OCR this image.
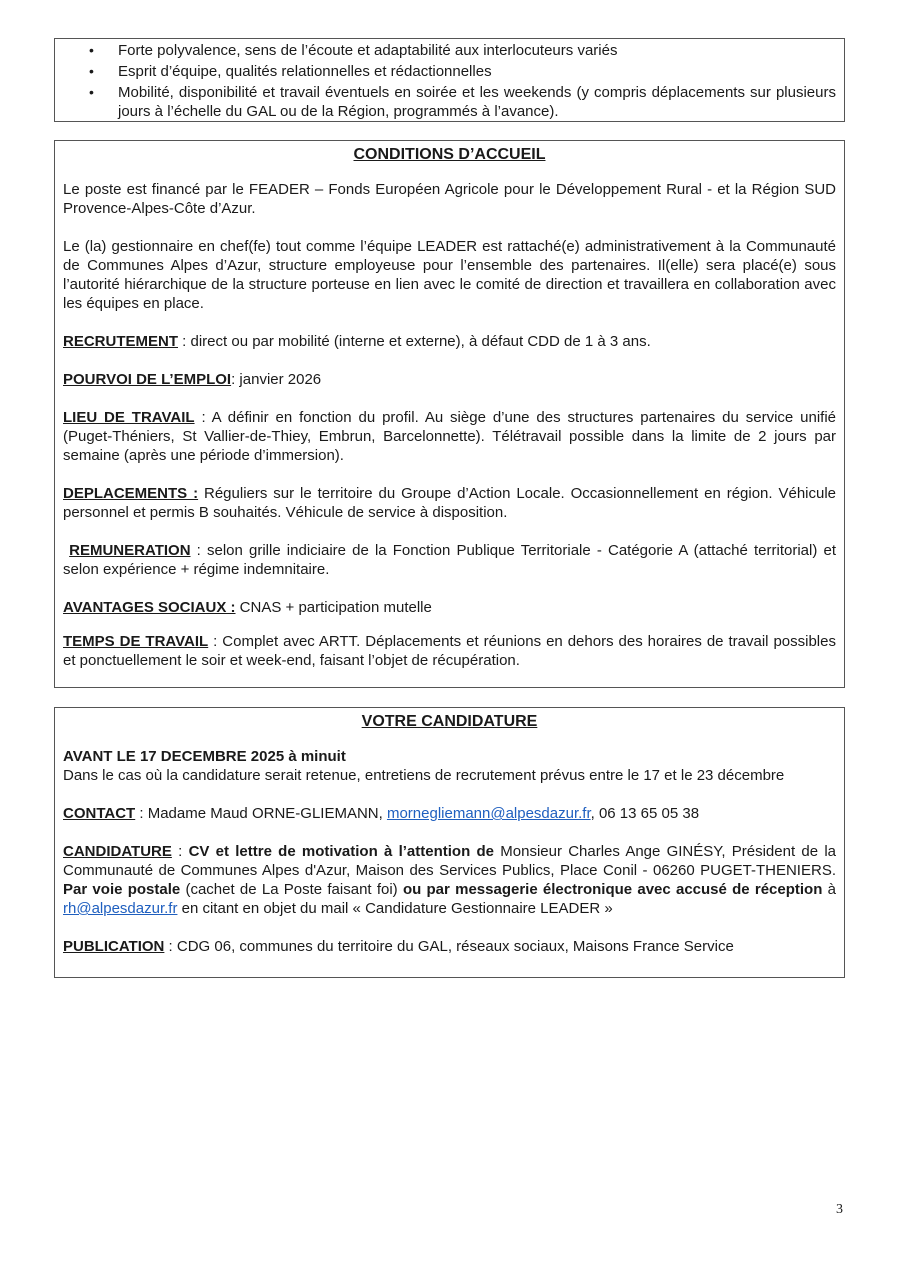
• Forte polyvalence, sens de l’écoute et adaptabilité aux interlocuteurs variés
• Esprit d’équipe, qualités relationnelles et rédactionnelles
• Mobilité, disponibilité et travail éventuels en soirée et les weekends (y compris déplacements sur plusieurs jours à l’échelle du GAL ou de la Région, programmés à l’avance).
CONDITIONS D’ACCUEIL

Le poste est financé par le FEADER – Fonds Européen Agricole pour le Développement Rural - et la Région SUD Provence-Alpes-Côte d’Azur.

Le (la) gestionnaire en chef(fe) tout comme l’équipe LEADER est rattaché(e) administrativement à la Communauté de Communes Alpes d’Azur, structure employeuse pour l’ensemble des partenaires. Il(elle) sera placé(e) sous l’autorité hiérarchique de la structure porteuse en lien avec le comité de direction et travaillera en collaboration avec les équipes en place.

RECRUTEMENT : direct ou par mobilité (interne et externe), à défaut CDD de 1 à 3 ans.

POURVOI DE L’EMPLOI: janvier 2026

LIEU DE TRAVAIL : A définir en fonction du profil. Au siège d’une des structures partenaires du service unifié (Puget-Théniers, St Vallier-de-Thiey, Embrun, Barcelonnette). Télétravail possible dans la limite de 2 jours par semaine (après une période d’immersion).

DEPLACEMENTS : Réguliers sur le territoire du Groupe d’Action Locale. Occasionnellement en région. Véhicule personnel et permis B souhaités. Véhicule de service à disposition.

REMUNERATION : selon grille indiciaire de la Fonction Publique Territoriale - Catégorie A (attaché territorial) et selon expérience + régime indemnitaire.

AVANTAGES SOCIAUX : CNAS + participation mutelle

TEMPS DE TRAVAIL : Complet avec ARTT. Déplacements et réunions en dehors des horaires de travail possibles et ponctuellement le soir et week-end, faisant l’objet de récupération.

VOTRE CANDIDATURE

AVANT LE 17 DECEMBRE 2025 à minuit

Dans le cas où la candidature serait retenue, entretiens de recrutement prévus entre le 17 et le 23 décembre

CONTACT : Madame Maud ORNE-GLIEMANN, mornegliemann@alpesdazur.fr, 06 13 65 05 38

CANDIDATURE : CV et lettre de motivation à l’attention de Monsieur Charles Ange GINÉSY, Président de la Communauté de Communes Alpes d'Azur, Maison des Services Publics, Place Conil - 06260 PUGET-THENIERS. Par voie postale (cachet de La Poste faisant foi) ou par messagerie électronique avec accusé de réception à rh@alpesdazur.fr en citant en objet du mail « Candidature Gestionnaire LEADER »

PUBLICATION : CDG 06, communes du territoire du GAL, réseaux sociaux, Maisons France Service

3
